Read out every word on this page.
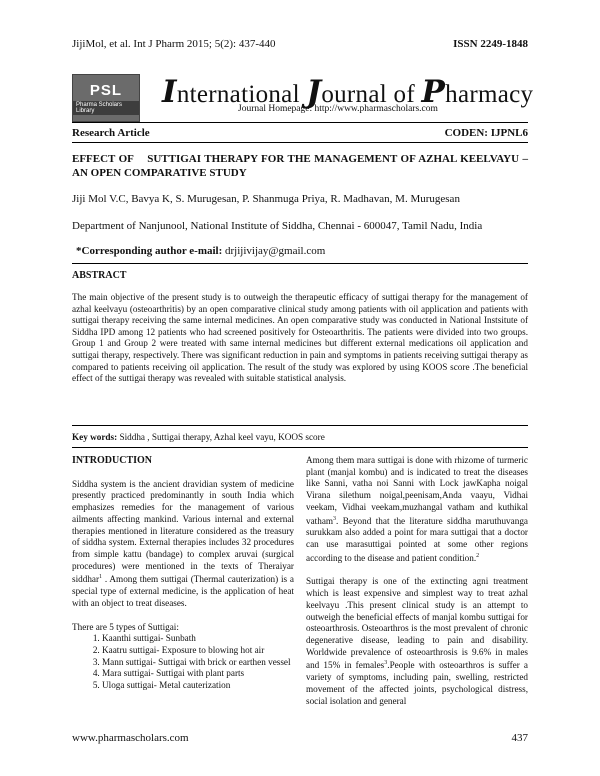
JijiMol, et al. Int J Pharm 2015; 5(2): 437-440	ISSN 2249-1848
PSL
Pharma Scholars Library
International Journal of Pharmacy
Journal Homepage: http://www.pharmascholars.com
Research Article	CODEN: IJPNL6
EFFECT OF    SUTTIGAI THERAPY FOR THE MANAGEMENT OF AZHAL KEELVAYU – AN OPEN COMPARATIVE STUDY
Jiji Mol V.C, Bavya K, S. Murugesan, P. Shanmuga Priya, R. Madhavan, M. Murugesan
Department of Nanjunool, National Institute of Siddha, Chennai - 600047, Tamil Nadu, India
*Corresponding author e-mail: drjijivijay@gmail.com
ABSTRACT
The main objective of the present study is to outweigh the therapeutic efficacy of suttigai therapy for the management of azhal keelvayu (osteoarthritis) by an open comparative clinical study among patients with oil application and patients with suttigai therapy receiving the same internal medicines. An open comparative study was conducted in National Instsitute of Siddha IPD among 12 patients who had screened positively for Osteoarthritis. The patients were divided into two groups. Group 1 and Group 2 were treated with same internal medicines but different external medications oil application and suttigai therapy, respectively. There was significant reduction in pain and symptoms in patients receiving suttigai therapy as compared to patients receiving oil application. The result of the study was explored by using KOOS score .The beneficial effect of the suttigai therapy was revealed with suitable statistical analysis.
Key words: Siddha , Suttigai therapy, Azhal keel vayu, KOOS score

INTRODUCTION

Siddha system is the ancient dravidian system of medicine presently practiced predominantly in south India which emphasizes remedies for the management of various ailments affecting mankind. Various internal and external therapies mentioned in literature considered as the treasury of siddha system. External therapies includes 32 procedures from simple kattu (bandage) to complex aruvai (surgical procedures) were mentioned in the texts of Theraiyar siddhar$^1$ . Among them suttigai (Thermal cauterization) is a special type of external medicine, is the application of heat with an object to treat diseases.

There are 5 types of Suttigai:

1. Kaanthi suttigai- Sunbath
2. Kaatru suttigai- Exposure to blowing hot air
3. Mann suttigai- Suttigai with brick or earthen vessel
4. Mara suttigai- Suttigai with plant parts
5. Uloga suttigai- Metal cauterization

Among them mara suttigai is done with rhizome of turmeric plant (manjal kombu) and is indicated to treat the diseases like Sanni, vatha noi Sanni with Lock jawKapha noigal Virana silethum noigal,peenisam,Anda vaayu, Vidhai veekam, Vidhai veekam,muzhangal vatham and kuthikal vatham$^3$. Beyond that the literature siddha maruthuvanga surukkam also added a point for mara suttigai that a doctor can use marasuttigai pointed at some other regions according to the disease and patient condition.$^2$

Suttigai therapy is one of the extincting agni treatment which is least expensive and simplest way to treat azhal keelvayu .This present clinical study is an attempt to outweigh the beneficial effects of manjal kombu suttigai for osteoarthrosis. Osteoarthros is the most prevalent of chronic degenerative disease, leading to pain and disability. Worldwide prevalence of osteoarthrosis is 9.6% in males and 15% in females$^3$.People with osteoarthros is suffer a variety of symptoms, including pain, swelling, restricted movement of the affected joints, psychological distress, social isolation and general

www.pharmascholars.com	437
